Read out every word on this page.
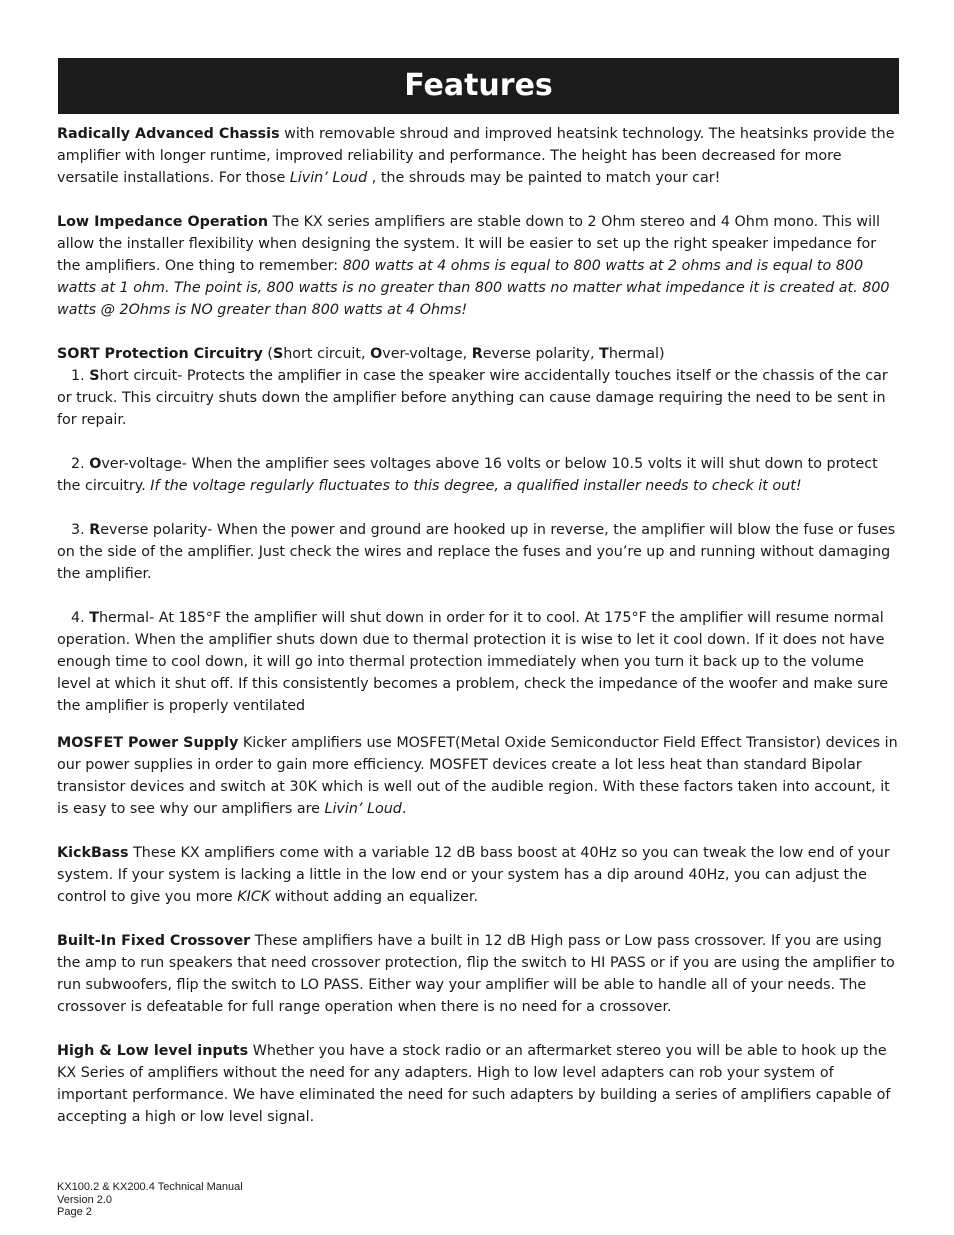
Features

Radically Advanced Chassis with removable shroud and improved heatsink technology. The heatsinks provide the amplifier with longer runtime, improved reliability and performance. The height has been decreased for more versatile installations. For those Livin’ Loud , the shrouds may be painted to match your car!

Low Impedance Operation The KX series amplifiers are stable down to 2 Ohm stereo and 4 Ohm mono. This will allow the installer flexibility when designing the system. It will be easier to set up the right speaker impedance for the amplifiers. One thing to remember: 800 watts at 4 ohms is equal to 800 watts at 2 ohms and is equal to 800 watts at 1 ohm. The point is, 800 watts is no greater than 800 watts no matter what impedance it is created at. 800 watts @ 2Ohms is NO greater than 800 watts at 4 Ohms!

SORT Protection Circuitry (Short circuit, Over-voltage, Reverse polarity, Thermal)

1. Short circuit- Protects the amplifier in case the speaker wire accidentally touches itself or the chassis of the car or truck. This circuitry shuts down the amplifier before anything can cause damage requiring the need to be sent in for repair.

2. Over-voltage- When the amplifier sees voltages above 16 volts or below 10.5 volts it will shut down to protect the circuitry. If the voltage regularly fluctuates to this degree, a qualified installer needs to check it out!

3. Reverse polarity- When the power and ground are hooked up in reverse, the amplifier will blow the fuse or fuses on the side of the amplifier. Just check the wires and replace the fuses and you’re up and running without damaging the amplifier.

4. Thermal- At 185°F the amplifier will shut down in order for it to cool. At 175°F the amplifier will resume normal operation. When the amplifier shuts down due to thermal protection it is wise to let it cool down. If it does not have enough time to cool down, it will go into thermal protection immediately when you turn it back up to the volume level at which it shut off. If this consistently becomes a problem, check the impedance of the woofer and make sure the amplifier is properly ventilated

MOSFET Power Supply Kicker amplifiers use MOSFET(Metal Oxide Semiconductor Field Effect Transistor) devices in our power supplies in order to gain more efficiency. MOSFET devices create a lot less heat than standard Bipolar transistor devices and switch at 30K which is well out of the audible region. With these factors taken into account, it is easy to see why our amplifiers are Livin’ Loud.

KickBass These KX amplifiers come with a variable 12 dB bass boost at 40Hz so you can tweak the low end of your system. If your system is lacking a little in the low end or your system has a dip around 40Hz, you can adjust the control to give you more KICK without adding an equalizer.

Built-In Fixed Crossover These amplifiers have a built in 12 dB High pass or Low pass crossover. If you are using the amp to run speakers that need crossover protection, flip the switch to HI PASS or if you are using the amplifier to run subwoofers, flip the switch to LO PASS. Either way your amplifier will be able to handle all of your needs. The crossover is defeatable for full range operation when there is no need for a crossover.

High & Low level inputs Whether you have a stock radio or an aftermarket stereo you will be able to hook up the KX Series of amplifiers without the need for any adapters. High to low level adapters can rob your system of important performance. We have eliminated the need for such adapters by building a series of amplifiers capable of accepting a high or low level signal.

KX100.2 & KX200.4 Technical Manual
Version 2.0
Page 2
